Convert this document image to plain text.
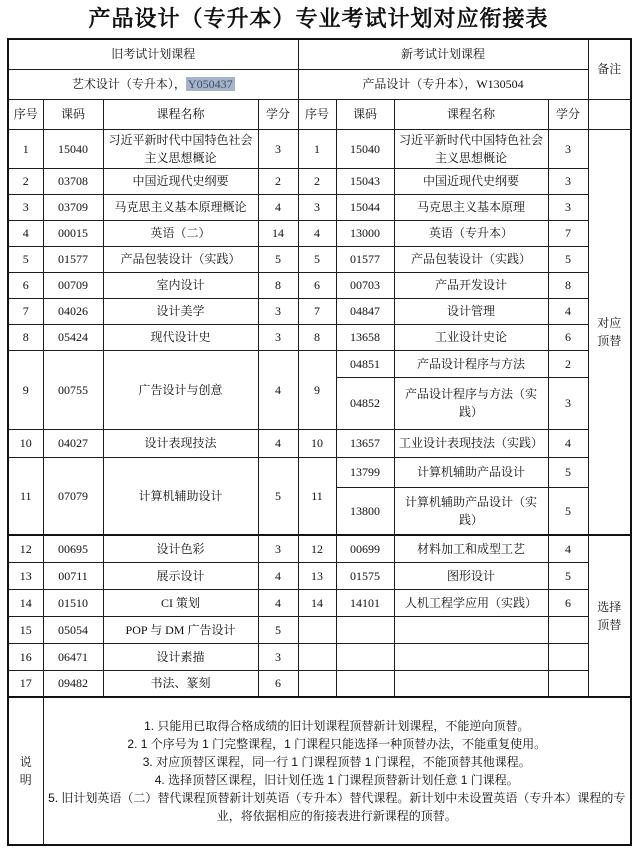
产品设计（专升本）专业考试计划对应衔接表
旧考试计划课程				新考试计划课程				备注
艺术设计（专升本）， Y050437				产品设计（专升本），W130504				
序号	课码	课程名称	学分	序号	课码	课程名称	学分	
1	15040	习近平新时代中国特色社会主义思想概论	3	1	15040	习近平新时代中国特色社会主义思想概论	3	对应
顶替

2	03708	中国近现代史纲要	2	2	15043	中国近现代史纲要	3	
3	03709	马克思主义基本原理概论	4	3	15044	马克思主义基本原理	3	
4	00015	英语（二）	14	4	13000	英语（专升本）	7	
5	01577	产品包装设计（实践）	5	5	01577	产品包装设计（实践）	5	
6	00709	室内设计	8	6	00703	产品开发设计	8	
7	04026	设计美学	3	7	04847	设计管理	4	
8	05424	现代设计史	3	8	13658	工业设计史论	6	
9	00755	广告设计与创意	4	9	04851	产品设计程序与方法	2	
					04852	产品设计程序与方法（实践）	3	
10	04027	设计表现技法	4	10	13657	工业设计表现技法（实践）	4	
11	07079	计算机辅助设计	5	11	13799	计算机辅助产品设计	5	
					13800	计算机辅助产品设计（实践）	5	
12	00695	设计色彩	3	12	00699	材料加工和成型工艺	4	选择
顶替

13	00711	展示设计	4	13	01575	图形设计	5	
14	01510	CI 策划	4	14	14101	人机工程学应用（实践）	6	
15	05054	POP 与 DM 广告设计	5					
16	06471	设计素描	3					
17	09482	书法、篆刻	6					

说
明	1. 只能用已取得合格成绩的旧计划课程顶替新计划课程，不能逆向顶替。
2. 1 个序号为 1 门完整课程，1 门课程只能选择一种顶替办法，不能重复使用。
3. 对应顶替区课程，同一行 1 门课程顶替 1 门课程，不能顶替其他课程。
4. 选择顶替区课程，旧计划任选 1 门课程顶替新计划任意 1 门课程。
5. 旧计划英语（二）替代课程顶替新计划英语（专升本）替代课程。新计划中未设置英语（专升本）课程的专业，将依据相应的衔接表进行新课程的顶替。							
